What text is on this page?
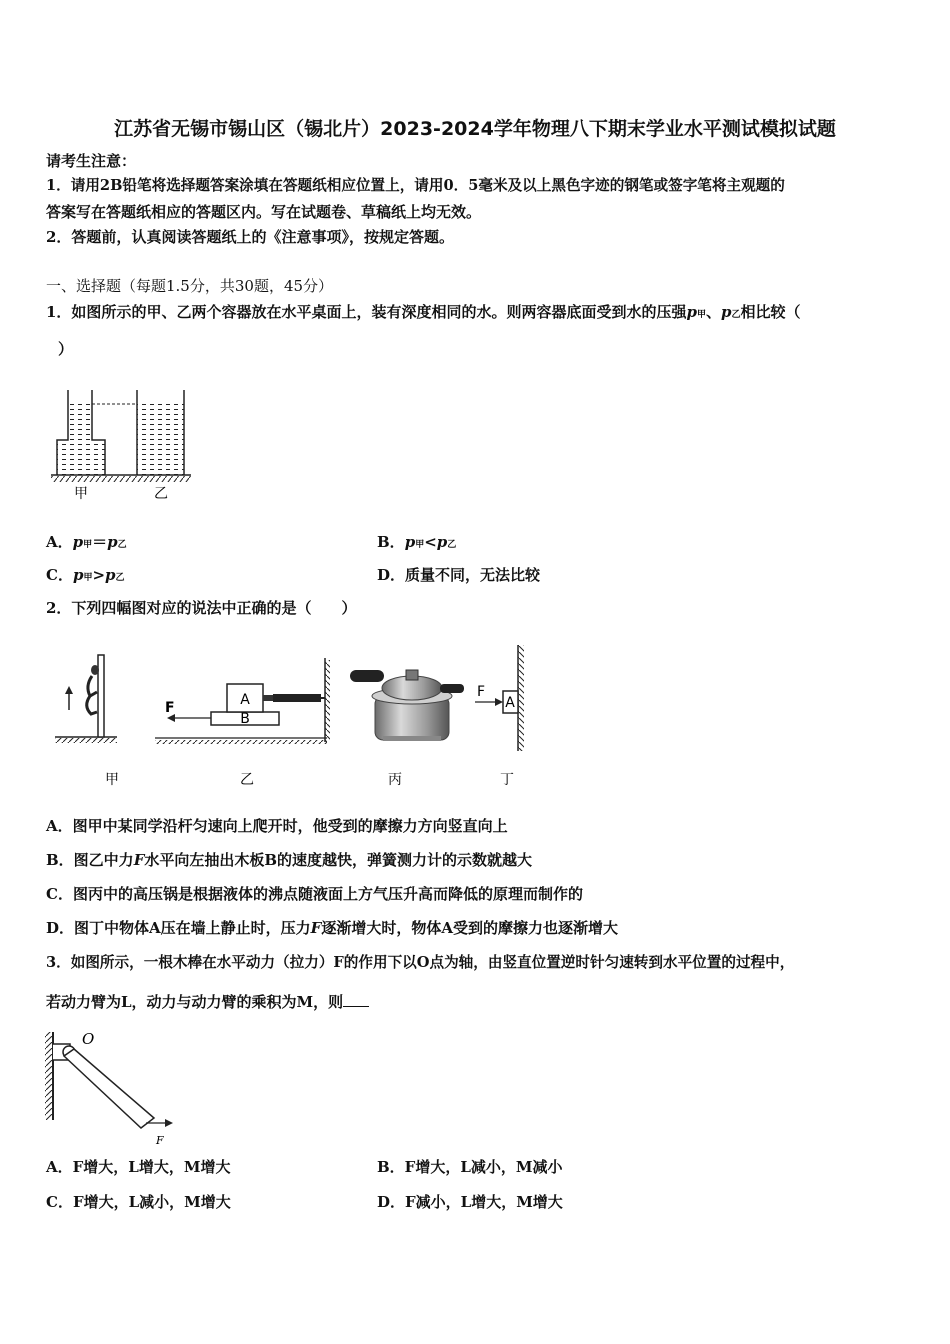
江苏省无锡市锡山区（锡北片）2023-2024学年物理八下期末学业水平测试模拟试题
请考生注意：
1．请用2B铅笔将选择题答案涂填在答题纸相应位置上，请用0．5毫米及以上黑色字迹的钢笔或签字笔将主观题的
答案写在答题纸相应的答题区内。写在试题卷、草稿纸上均无效。
2．答题前，认真阅读答题纸上的《注意事项》，按规定答题。
一、选择题（每题1.5分，共30题，45分）
1．如图所示的甲、乙两个容器放在水平桌面上，装有深度相同的水。则两容器底面受到水的压强p甲、p乙相比较（
）
甲	乙
A．p甲＝p乙	B．p甲<p乙
C．p甲>p乙	D．质量不同，无法比较
2．下列四幅图对应的说法中正确的是（　　）
A
B
F	A
F
甲	乙	丙	丁
A．图甲中某同学沿杆匀速向上爬开时，他受到的摩擦力方向竖直向上
B．图乙中力F水平向左抽出木板B的速度越快，弹簧测力计的示数就越大
C．图丙中的高压锅是根据液体的沸点随液面上方气压升高而降低的原理而制作的
D．图丁中物体A压在墙上静止时，压力F逐渐增大时，物体A受到的摩擦力也逐渐增大
3．如图所示，一根木棒在水平动力（拉力）F的作用下以O点为轴，由竖直位置逆时针匀速转到水平位置的过程中，
若动力臂为L，动力与动力臂的乘积为M，则
O
F
A．F增大，L增大，M增大	B．F增大，L减小，M减小
C．F增大，L减小，M增大	D．F减小，L增大，M增大
